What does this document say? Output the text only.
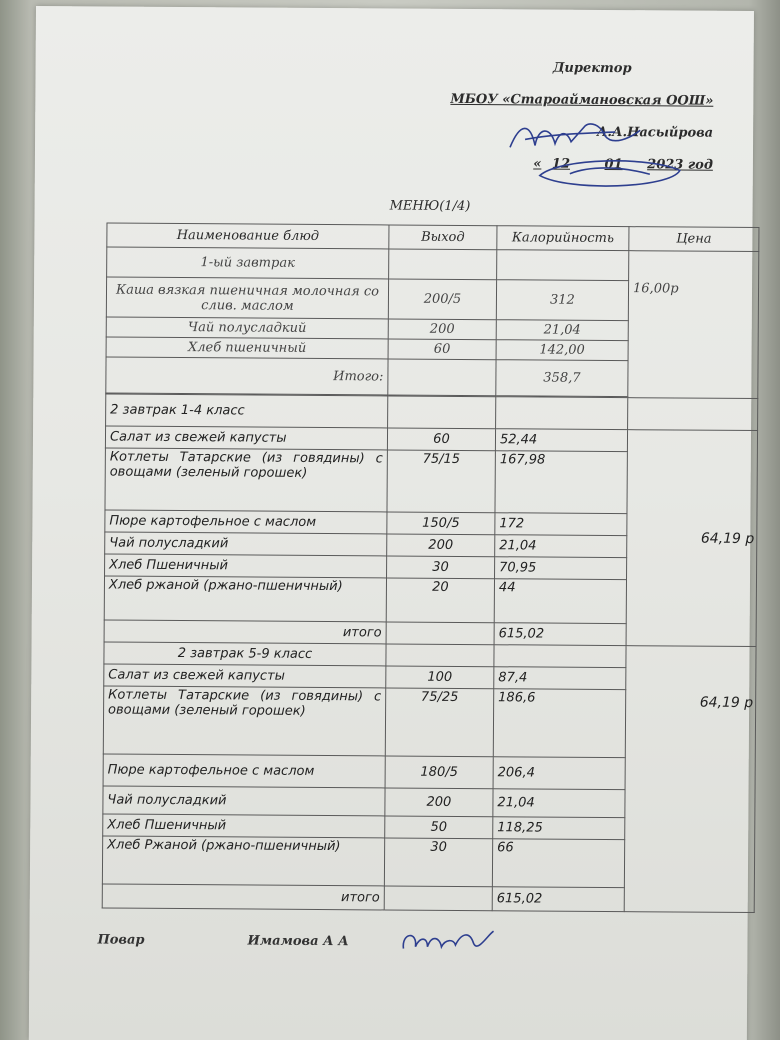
Директор
МБОУ «Староаймановская ООШ»
А.А.Насыйрова
« 12	01 2023 год
МЕНЮ(1/4)
Наименование блюд	Выход	Калорийность	Цена
1-ый завтрак			16,00р
Каша вязкая пшеничная молочная со слив. маслом	200/5	312	
Чай полусладкий	200	21,04	
Хлеб пшеничный	60	142,00	
Итого:		358,7	

2 завтрак 1-4 класс			
Салат из свежей капусты	60	52,44	64,19 р
Котлеты Татарские (из говядины) с овощами (зеленый горошек)	75/15	167,98	
Пюре картофельное с маслом	150/5	172	
Чай полусладкий	200	21,04	
Хлеб Пшеничный	30	70,95	
Хлеб ржаной (ржано-пшеничный)	20	44	
итого		615,02	
2 завтрак 5-9 класс			64,19 р
Салат из свежей капусты	100	87,4	
Котлеты Татарские (из говядины) с овощами (зеленый горошек)	75/25	186,6	
Пюре картофельное с маслом	180/5	206,4	
Чай полусладкий	200	21,04	
Хлеб Пшеничный	50	118,25	
Хлеб Ржаной (ржано-пшеничный)	30	66	
итого		615,02	
Повар	Имамова А А
